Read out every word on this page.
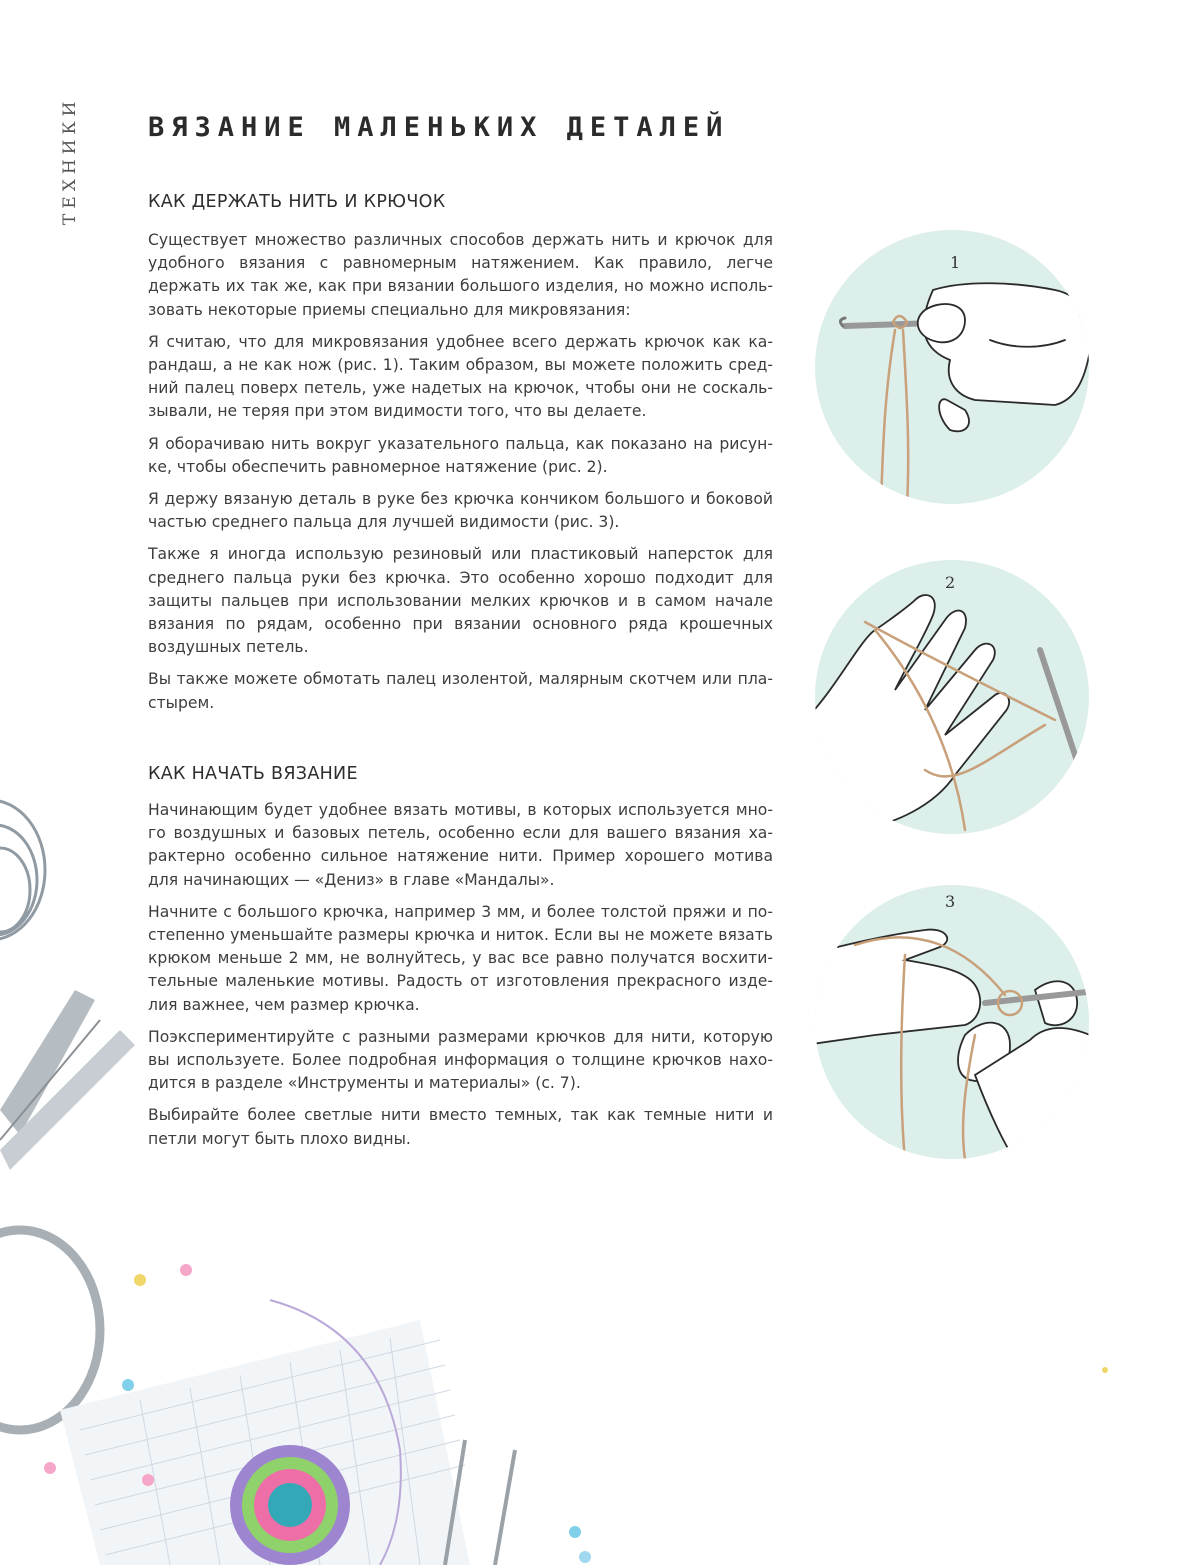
ТЕХНИКИ	ВЯЗАНИЕ МАЛЕНЬКИХ ДЕТАЛЕЙ
КАК ДЕРЖАТЬ НИТЬ И КРЮЧОК

Существует множество различных способов держать нить и крючок для удобного вязания с равномерным натяжением. Как правило, легче держать их так же, как при вязании большого изделия, но можно использовать некоторые приемы специально для микровязания:

Я считаю, что для микровязания удобнее всего держать крючок как карандаш, а не как нож (рис. 1). Таким образом, вы можете положить средний палец поверх петель, уже надетых на крючок, чтобы они не соскальзывали, не теряя при этом видимости того, что вы делаете.

Я оборачиваю нить вокруг указательного пальца, как показано на рисунке, чтобы обеспечить равномерное натяжение (рис. 2).

Я держу вязаную деталь в руке без крючка кончиком большого и боковой частью среднего пальца для лучшей видимости (рис. 3).

Также я иногда использую резиновый или пластиковый наперсток для среднего пальца руки без крючка. Это особенно хорошо подходит для защиты пальцев при использовании мелких крючков и в самом начале вязания по рядам, особенно при вязании основного ряда крошечных воздушных петель.

Вы также можете обмотать палец изолентой, малярным скотчем или пластырем.

КАК НАЧАТЬ ВЯЗАНИЕ

Начинающим будет удобнее вязать мотивы, в которых используется много воздушных и базовых петель, особенно если для вашего вязания характерно особенно сильное натяжение нити. Пример хорошего мотива для начинающих — «Дениз» в главе «Мандалы».

Начните с большого крючка, например 3 мм, и более толстой пряжи и постепенно уменьшайте размеры крючка и ниток. Если вы не можете вязать крюком меньше 2 мм, не волнуйтесь, у вас все равно получатся восхитительные маленькие мотивы. Радость от изготовления прекрасного изделия важнее, чем размер крючка.

Поэкспериментируйте с разными размерами крючков для нити, которую вы используете. Более подробная информация о толщине крючков находится в разделе «Инструменты и материалы» (с. 7).

Выбирайте более светлые нити вместо темных, так как темные нити и петли могут быть плохо видны.

1
2
3
